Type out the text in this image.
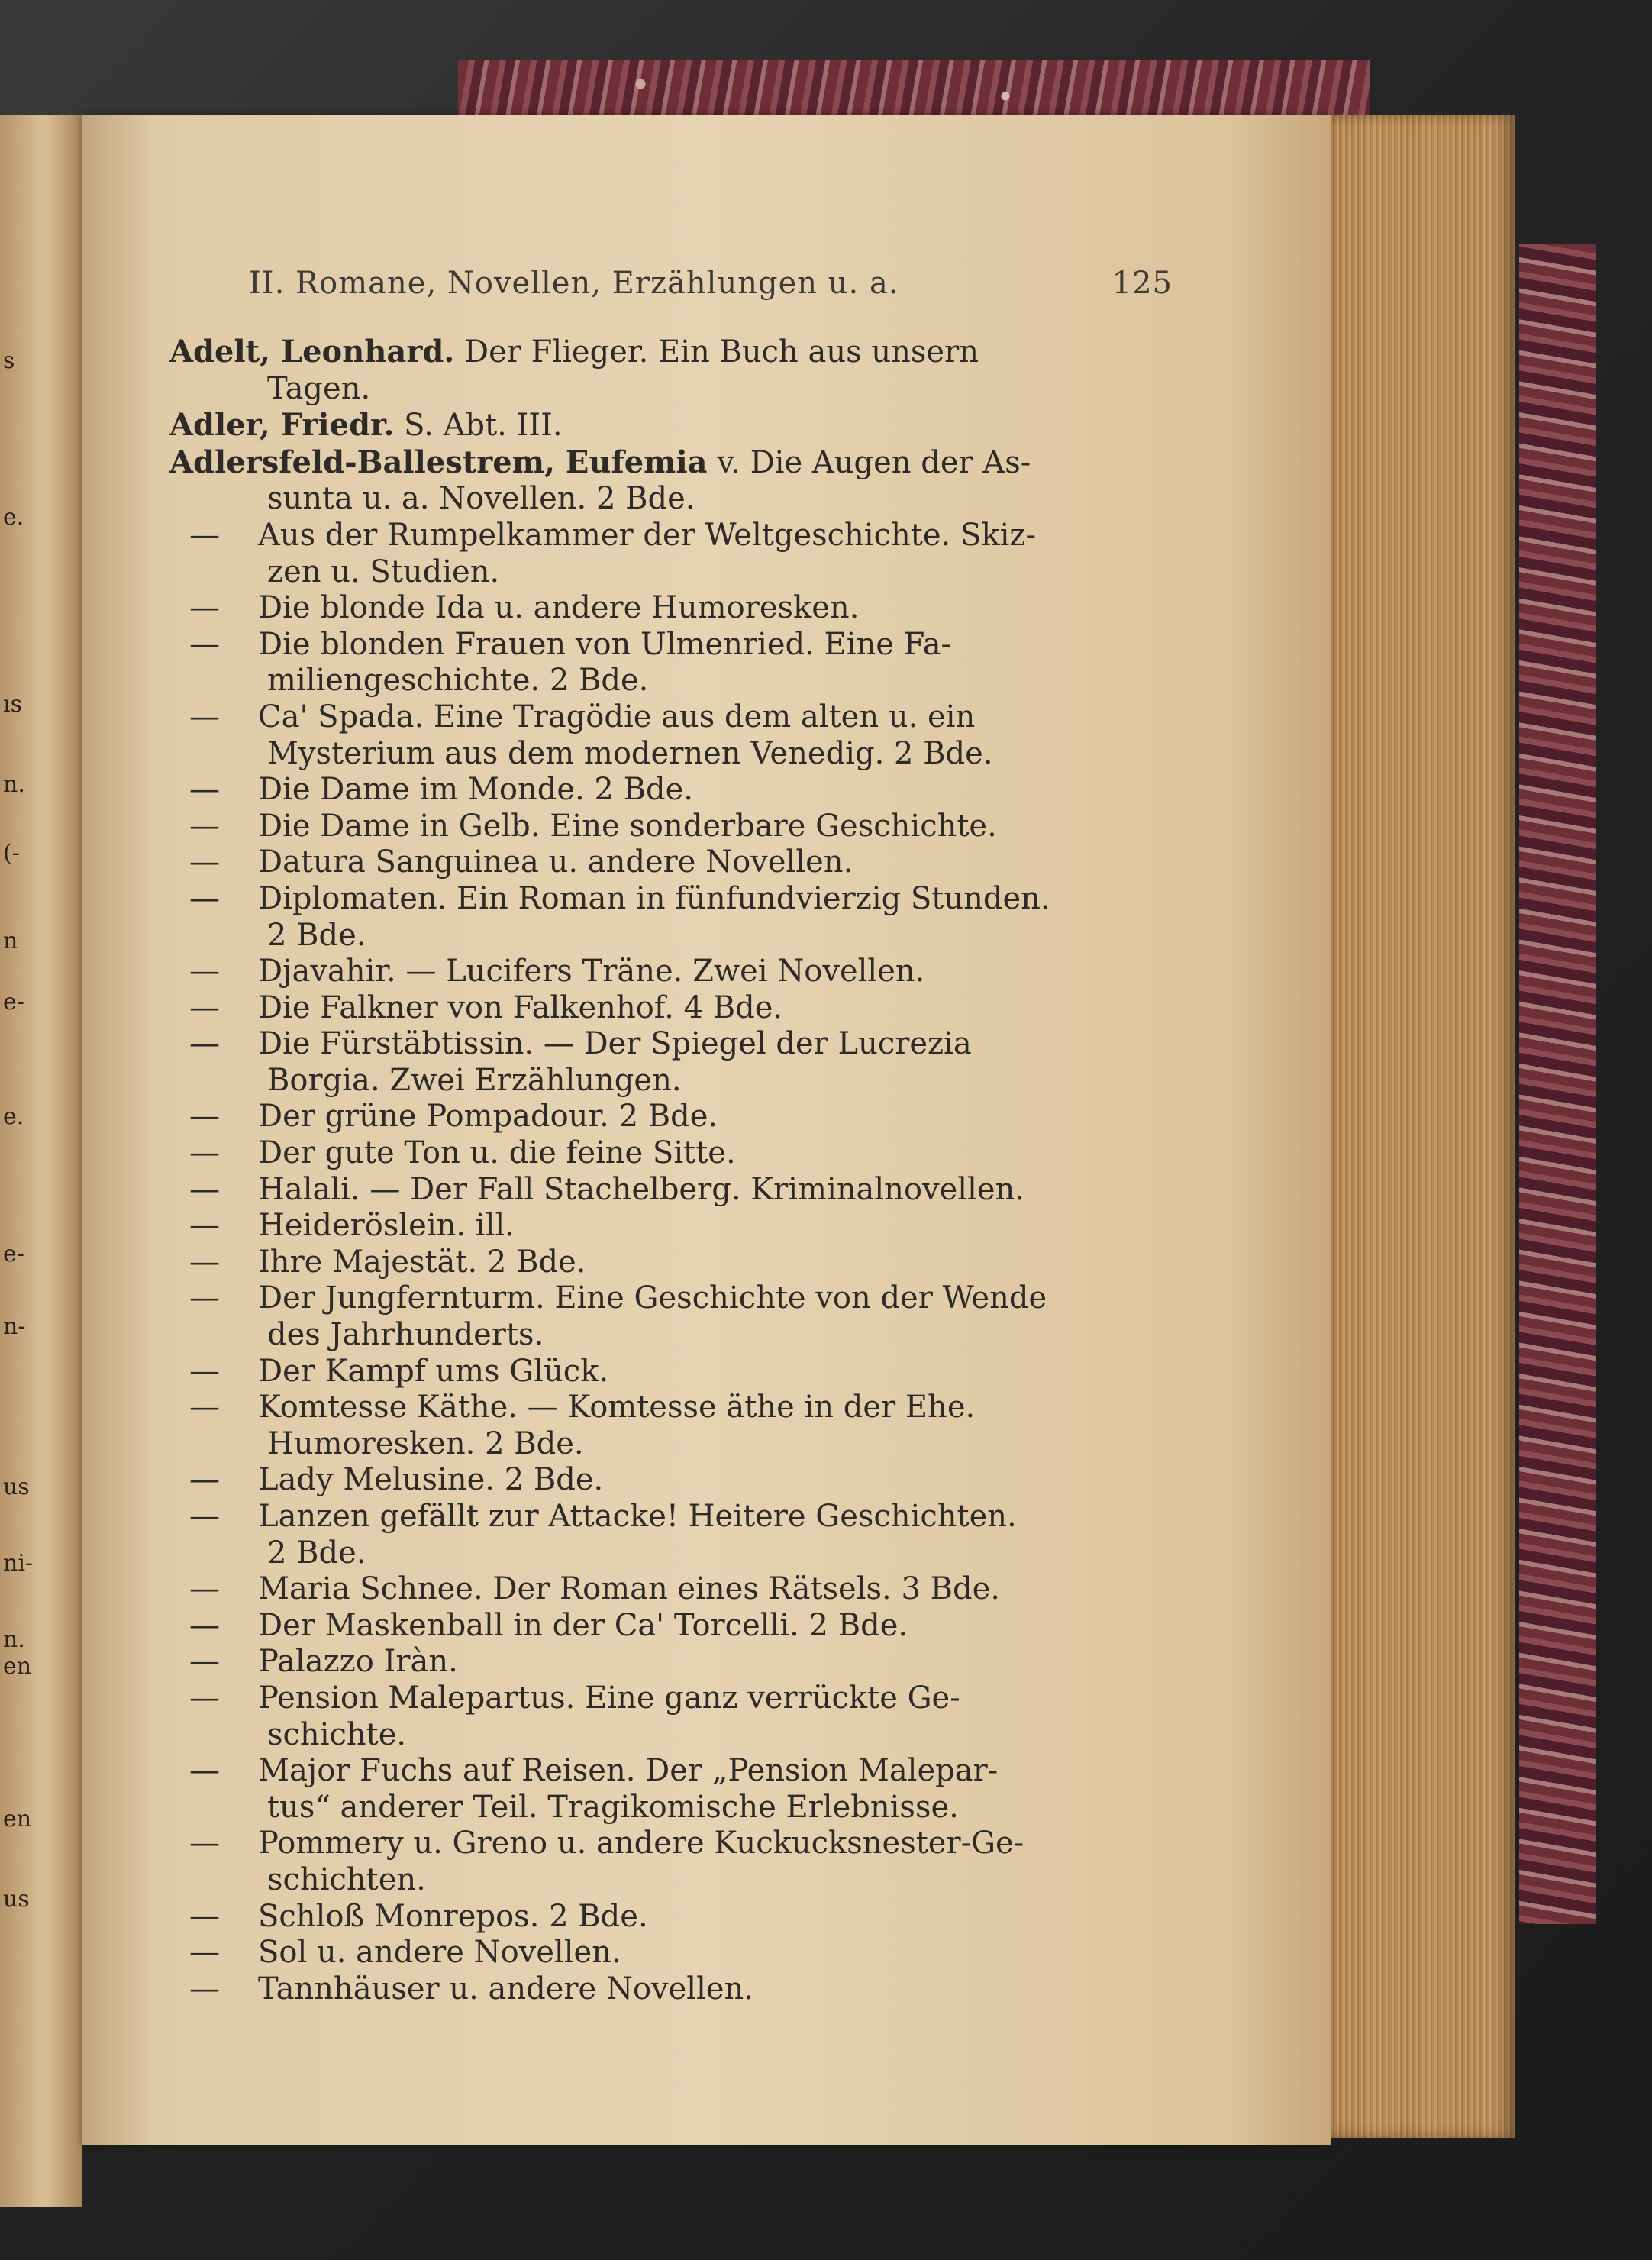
s
e.
ıs
n.
(-
n
e-
e.
e-
n-
us
ni-
n.
en
en
us
II. Romane, Novellen, Erzählungen u. a.	125
Adelt, Leonhard. Der Flieger. Ein Buch aus unsern
Tagen.
Adler, Friedr. S. Abt. III.
Adlersfeld-Ballestrem, Eufemia v. Die Augen der As-
sunta u. a. Novellen. 2 Bde.
— Aus der Rumpelkammer der Weltgeschichte. Skiz-
zen u. Studien.
— Die blonde Ida u. andere Humoresken.
— Die blonden Frauen von Ulmenried. Eine Fa-
miliengeschichte. 2 Bde.
— Ca' Spada. Eine Tragödie aus dem alten u. ein
Mysterium aus dem modernen Venedig. 2 Bde.
— Die Dame im Monde. 2 Bde.
— Die Dame in Gelb. Eine sonderbare Geschichte.
— Datura Sanguinea u. andere Novellen.
— Diplomaten. Ein Roman in fünfundvierzig Stunden.
2 Bde.
— Djavahir. — Lucifers Träne. Zwei Novellen.
— Die Falkner von Falkenhof. 4 Bde.
— Die Fürstäbtissin. — Der Spiegel der Lucrezia
Borgia. Zwei Erzählungen.
— Der grüne Pompadour. 2 Bde.
— Der gute Ton u. die feine Sitte.
— Halali. — Der Fall Stachelberg. Kriminalnovellen.
— Heideröslein. ill.
— Ihre Majestät. 2 Bde.
— Der Jungfernturm. Eine Geschichte von der Wende
des Jahrhunderts.
— Der Kampf ums Glück.
— Komtesse Käthe. — Komtesse äthe in der Ehe.
Humoresken. 2 Bde.
— Lady Melusine. 2 Bde.
— Lanzen gefällt zur Attacke! Heitere Geschichten.
2 Bde.
— Maria Schnee. Der Roman eines Rätsels. 3 Bde.
— Der Maskenball in der Ca' Torcelli. 2 Bde.
— Palazzo Iràn.
— Pension Malepartus. Eine ganz verrückte Ge-
schichte.
— Major Fuchs auf Reisen. Der „Pension Malepar-
tus“ anderer Teil. Tragikomische Erlebnisse.
— Pommery u. Greno u. andere Kuckucksnester-Ge-
schichten.
— Schloß Monrepos. 2 Bde.
— Sol u. andere Novellen.
— Tannhäuser u. andere Novellen.
